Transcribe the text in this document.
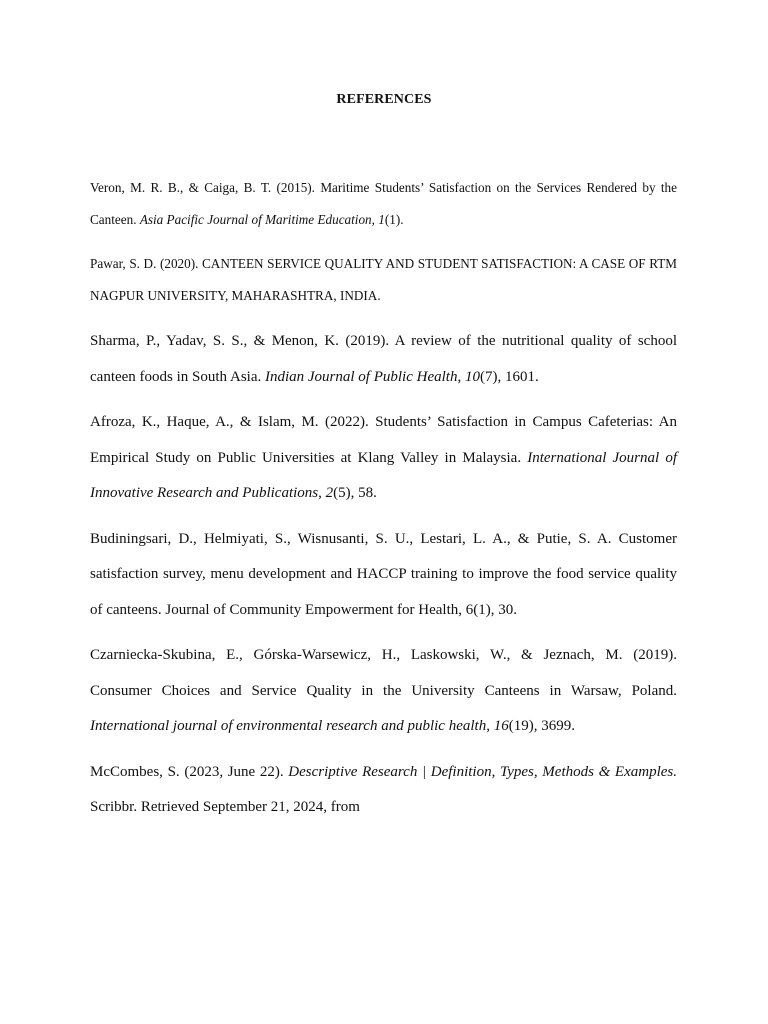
REFERENCES

Veron, M. R. B., & Caiga, B. T. (2015). Maritime Students’ Satisfaction on the Services Rendered by the Canteen. Asia Pacific Journal of Maritime Education, 1(1).

Pawar, S. D. (2020). CANTEEN SERVICE QUALITY AND STUDENT SATISFACTION: A CASE OF RTM NAGPUR UNIVERSITY, MAHARASHTRA, INDIA.

Sharma, P., Yadav, S. S., & Menon, K. (2019). A review of the nutritional quality of school canteen foods in South Asia. Indian Journal of Public Health, 10(7), 1601.

Afroza, K., Haque, A., & Islam, M. (2022). Students’ Satisfaction in Campus Cafeterias: An Empirical Study on Public Universities at Klang Valley in Malaysia. International Journal of Innovative Research and Publications, 2(5), 58.

Budiningsari, D., Helmiyati, S., Wisnusanti, S. U., Lestari, L. A., & Putie, S. A. Customer satisfaction survey, menu development and HACCP training to improve the food service quality of canteens. Journal of Community Empowerment for Health, 6(1), 30.

Czarniecka-Skubina, E., Górska-Warsewicz, H., Laskowski, W., & Jeznach, M. (2019). Consumer Choices and Service Quality in the University Canteens in Warsaw, Poland. International journal of environmental research and public health, 16(19), 3699.

McCombes, S. (2023, June 22). Descriptive Research | Definition, Types, Methods & Examples. Scribbr. Retrieved September 21, 2024, from
